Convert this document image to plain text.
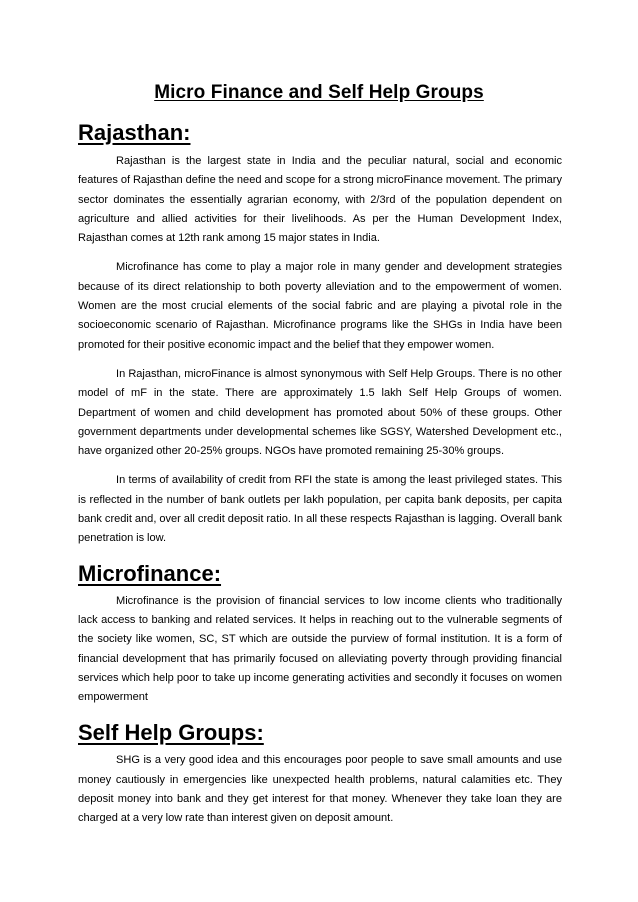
Micro Finance and Self Help Groups
Rajasthan:

Rajasthan is the largest state in India and the peculiar natural, social and economic features of Rajasthan define the need and scope for a strong microFinance movement. The primary sector dominates the essentially agrarian economy, with 2/3rd of the population dependent on agriculture and allied activities for their livelihoods. As per the Human Development Index, Rajasthan comes at 12th rank among 15 major states in India.

Microfinance has come to play a major role in many gender and development strategies because of its direct relationship to both poverty alleviation and to the empowerment of women. Women are the most crucial elements of the social fabric and are playing a pivotal role in the socioeconomic scenario of Rajasthan. Microfinance programs like the SHGs in India have been promoted for their positive economic impact and the belief that they empower women.

In Rajasthan, microFinance is almost synonymous with Self Help Groups. There is no other model of mF in the state. There are approximately 1.5 lakh Self Help Groups of women. Department of women and child development has promoted about 50% of these groups. Other government departments under developmental schemes like SGSY, Watershed Development etc., have organized other 20-25% groups. NGOs have promoted remaining 25-30% groups.

In terms of availability of credit from RFI the state is among the least privileged states. This is reflected in the number of bank outlets per lakh population, per capita bank deposits, per capita bank credit and, over all credit deposit ratio. In all these respects Rajasthan is lagging. Overall bank penetration is low.

Microfinance:

Microfinance is the provision of financial services to low income clients who traditionally lack access to banking and related services. It helps in reaching out to the vulnerable segments of the society like women, SC, ST which are outside the purview of formal institution. It is a form of financial development that has primarily focused on alleviating poverty through providing financial services which help poor to take up income generating activities and secondly it focuses on women empowerment

Self Help Groups:

SHG is a very good idea and this encourages poor people to save small amounts and use money cautiously in emergencies like unexpected health problems, natural calamities etc. They deposit money into bank and they get interest for that money. Whenever they take loan they are charged at a very low rate than interest given on deposit amount.
